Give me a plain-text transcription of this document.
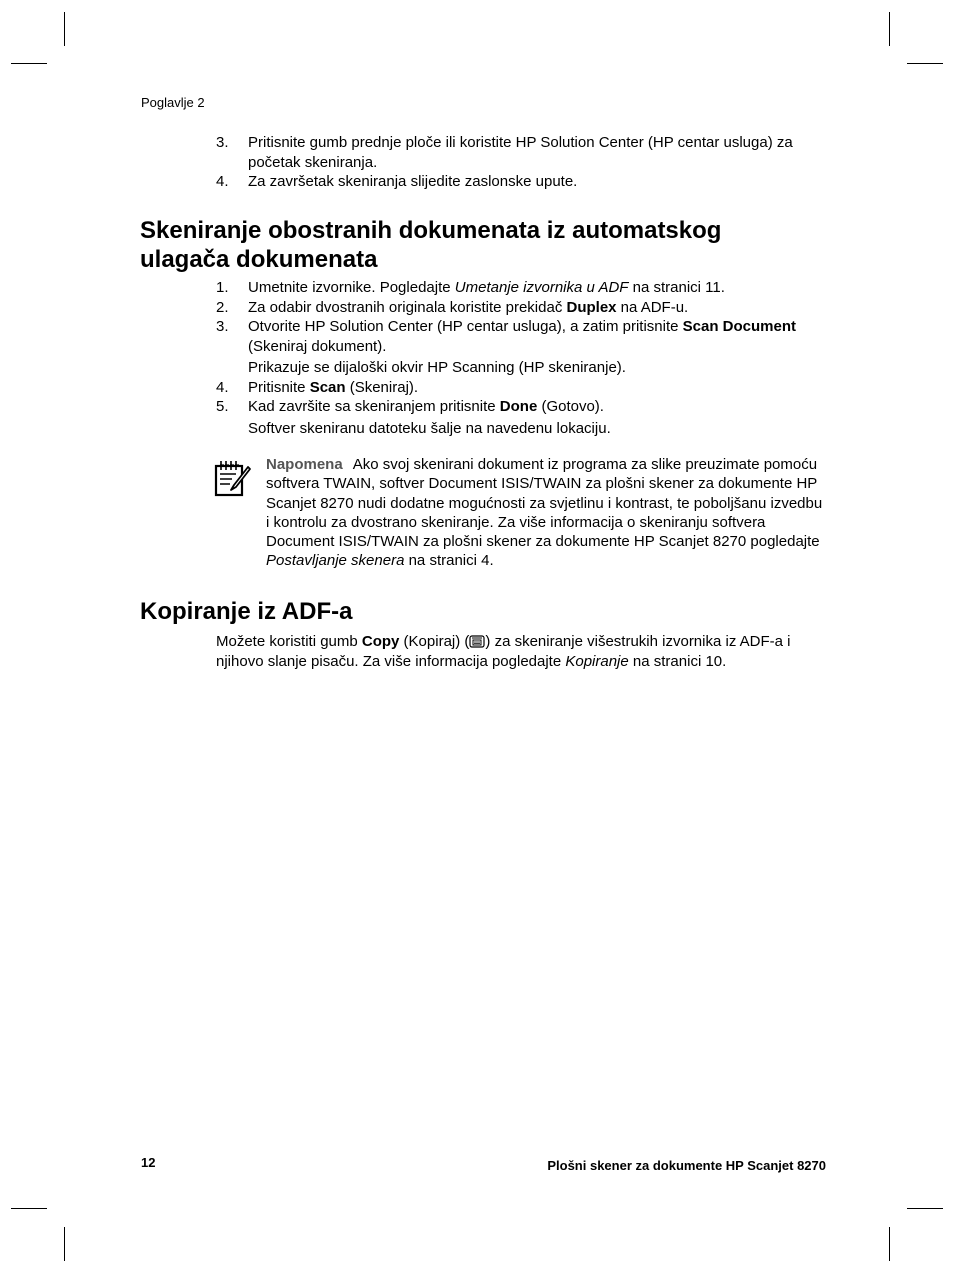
Poglavlje 2
3. Pritisnite gumb prednje ploče ili koristite HP Solution Center (HP centar usluga) za početak skeniranja.
4. Za završetak skeniranja slijedite zaslonske upute.
Skeniranje obostranih dokumenata iz automatskog
ulagača dokumenata
1. Umetnite izvornike. Pogledajte Umetanje izvornika u ADF na stranici 11.
2. Za odabir dvostranih originala koristite prekidač Duplex na ADF-u.
3. Otvorite HP Solution Center (HP centar usluga), a zatim pritisnite Scan Document (Skeniraj dokument).
Prikazuje se dijaloški okvir HP Scanning (HP skeniranje).
4. Pritisnite Scan (Skeniraj).
5. Kad završite sa skeniranjem pritisnite Done (Gotovo).
Softver skeniranu datoteku šalje na navedenu lokaciju.
Napomena Ako svoj skenirani dokument iz programa za slike preuzimate pomoću softvera TWAIN, softver Document ISIS/TWAIN za plošni skener za dokumente HP Scanjet 8270 nudi dodatne mogućnosti za svjetlinu i kontrast, te poboljšanu izvedbu i kontrolu za dvostrano skeniranje. Za više informacija o skeniranju softvera Document ISIS/TWAIN za plošni skener za dokumente HP Scanjet 8270 pogledajte Postavljanje skenera na stranici 4.
Kopiranje iz ADF-a
Možete koristiti gumb Copy (Kopiraj) ( ) za skeniranje višestrukih izvornika iz ADF-a i njihovo slanje pisaču. Za više informacija pogledajte Kopiranje na stranici 10.
12	Plošni skener za dokumente HP Scanjet 8270
